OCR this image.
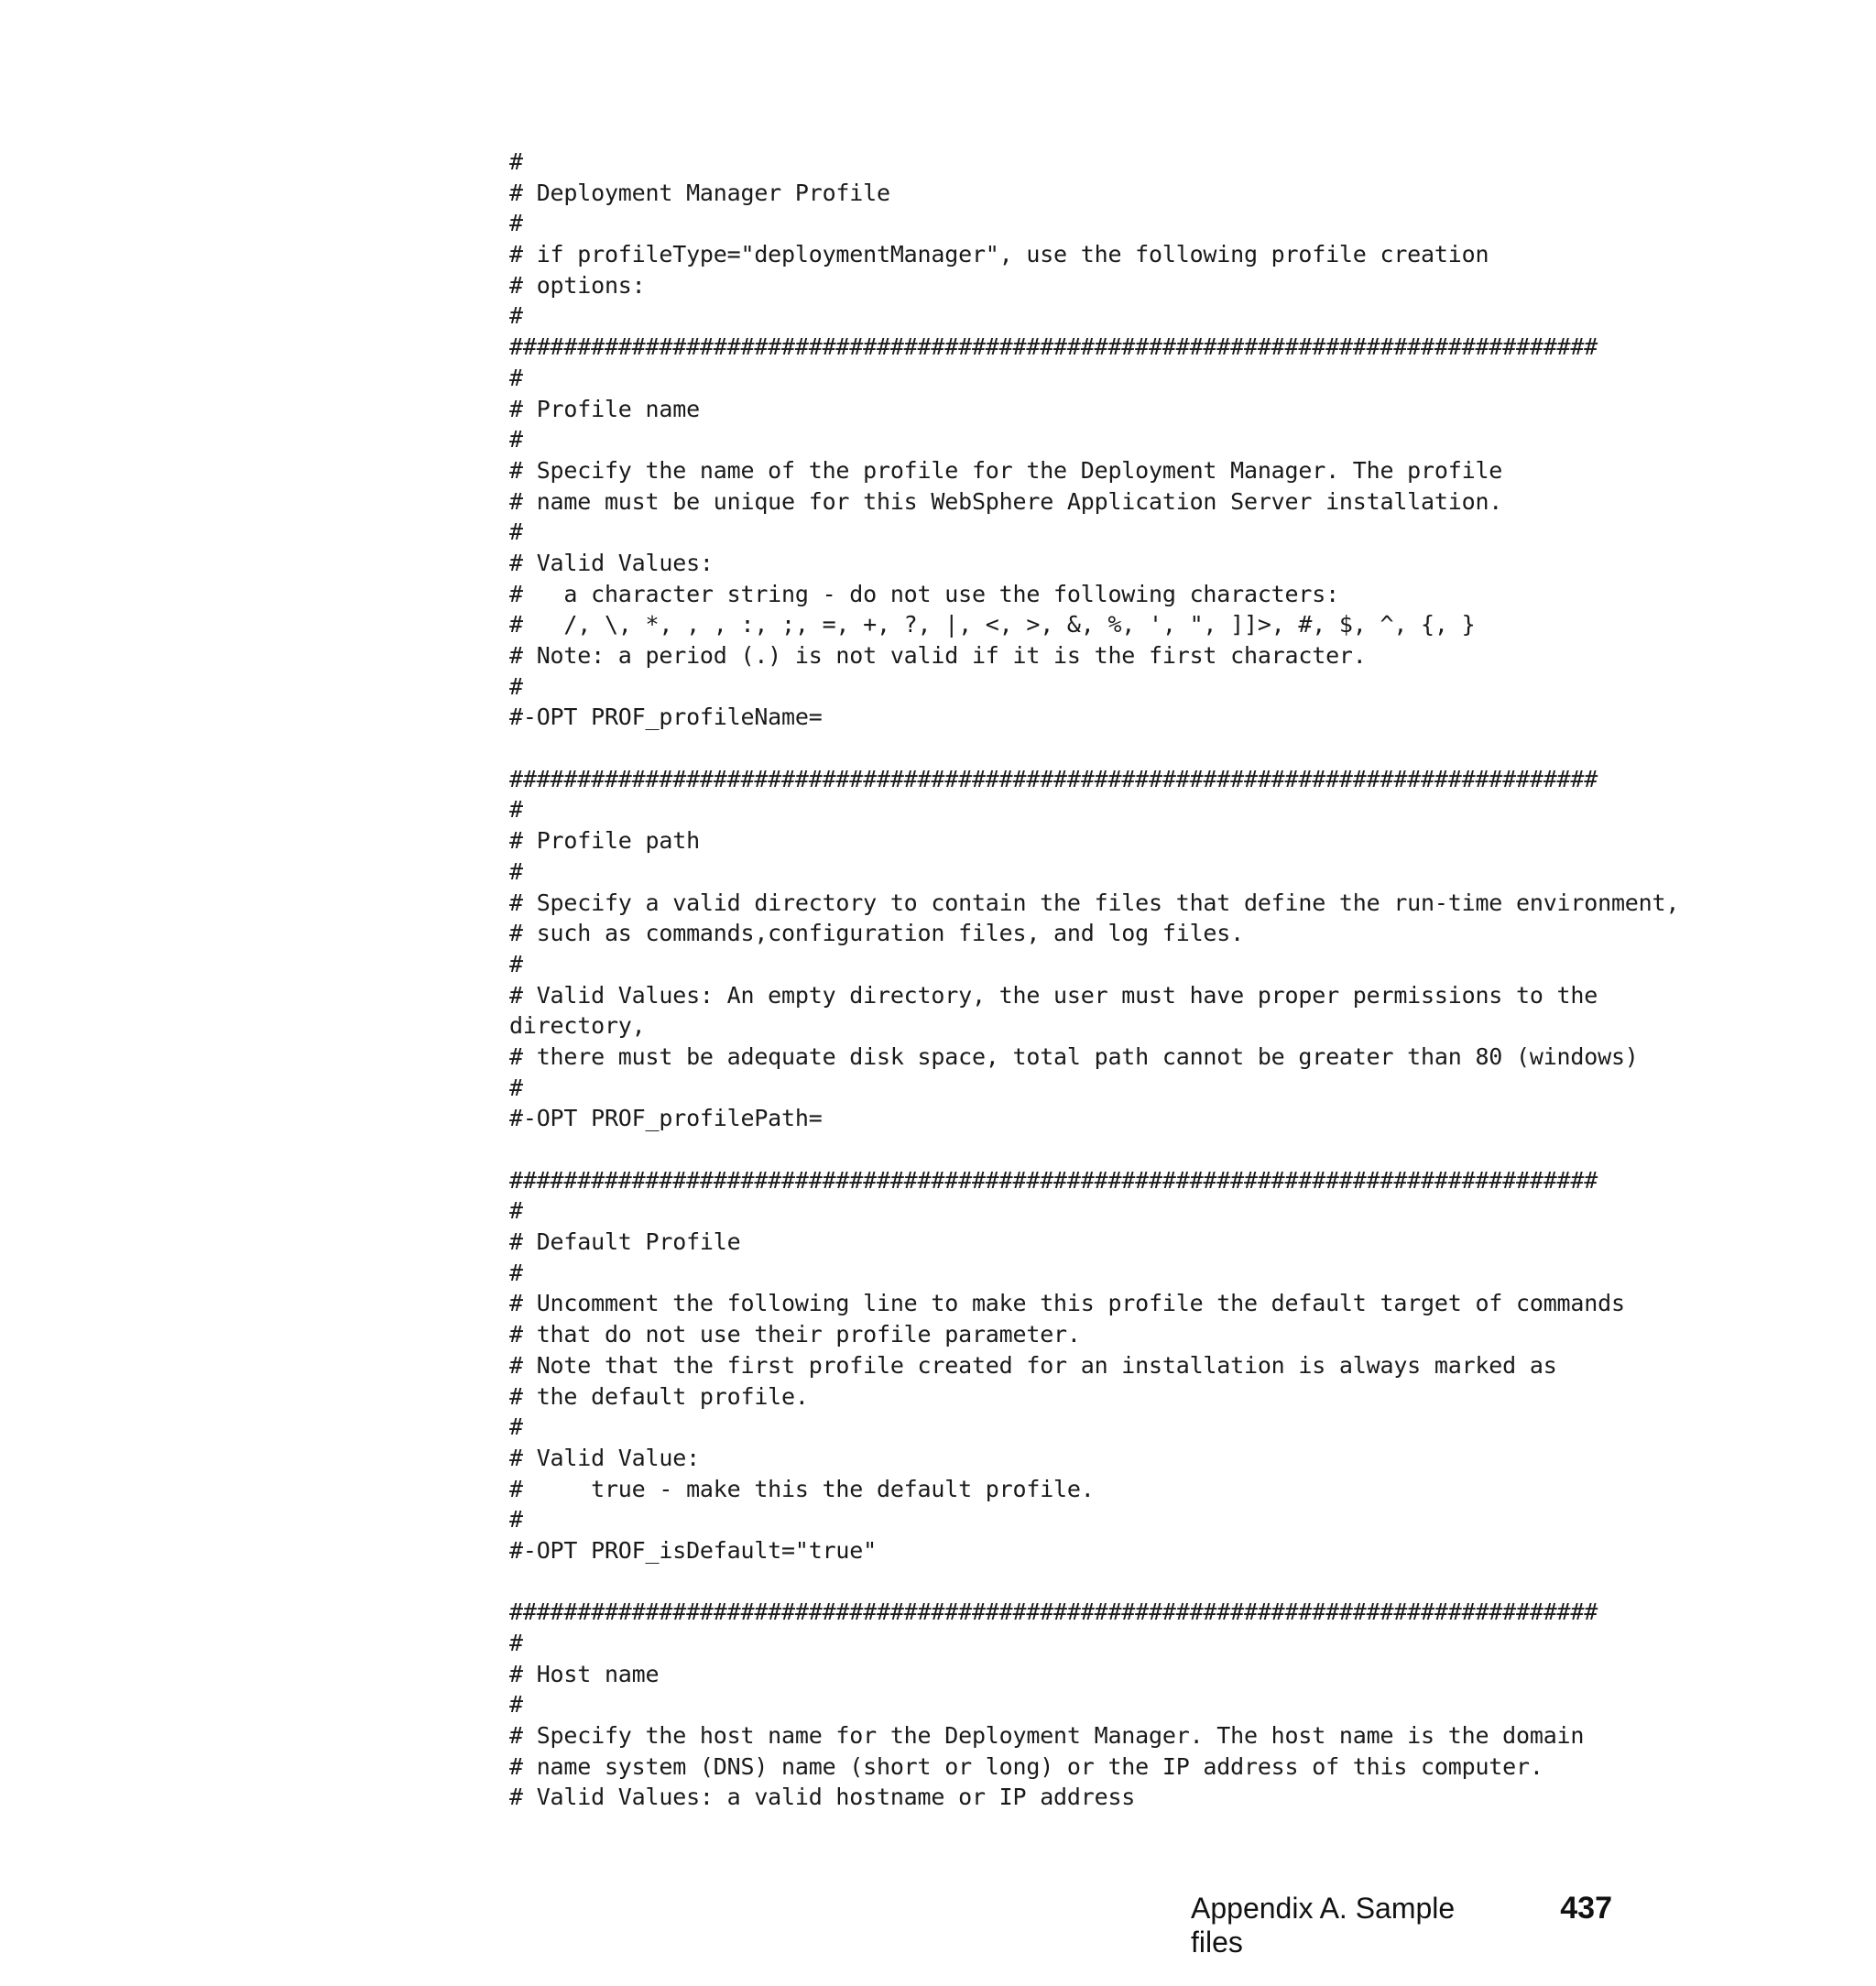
#
# Deployment Manager Profile
#
# if profileType="deploymentManager", use the following profile creation
# options:
#
################################################################################
#
# Profile name
#
# Specify the name of the profile for the Deployment Manager. The profile
# name must be unique for this WebSphere Application Server installation.
#
# Valid Values:
#   a character string - do not use the following characters:
#   /, \, *, , , :, ;, =, +, ?, |, <, >, &, %, ', ", ]]>, #, $, ^, {, }
# Note: a period (.) is not valid if it is the first character.
#
#-OPT PROF_profileName=

################################################################################
#
# Profile path
#
# Specify a valid directory to contain the files that define the run-time environment,
# such as commands,configuration files, and log files.
#
# Valid Values: An empty directory, the user must have proper permissions to the
directory,
# there must be adequate disk space, total path cannot be greater than 80 (windows)
#
#-OPT PROF_profilePath=

################################################################################
#
# Default Profile
#
# Uncomment the following line to make this profile the default target of commands
# that do not use their profile parameter.
# Note that the first profile created for an installation is always marked as
# the default profile.
#
# Valid Value:
#     true - make this the default profile.
#
#-OPT PROF_isDefault="true"

################################################################################
#
# Host name
#
# Specify the host name for the Deployment Manager. The host name is the domain
# name system (DNS) name (short or long) or the IP address of this computer.
# Valid Values: a valid hostname or IP address
Appendix A. Sample files
437
